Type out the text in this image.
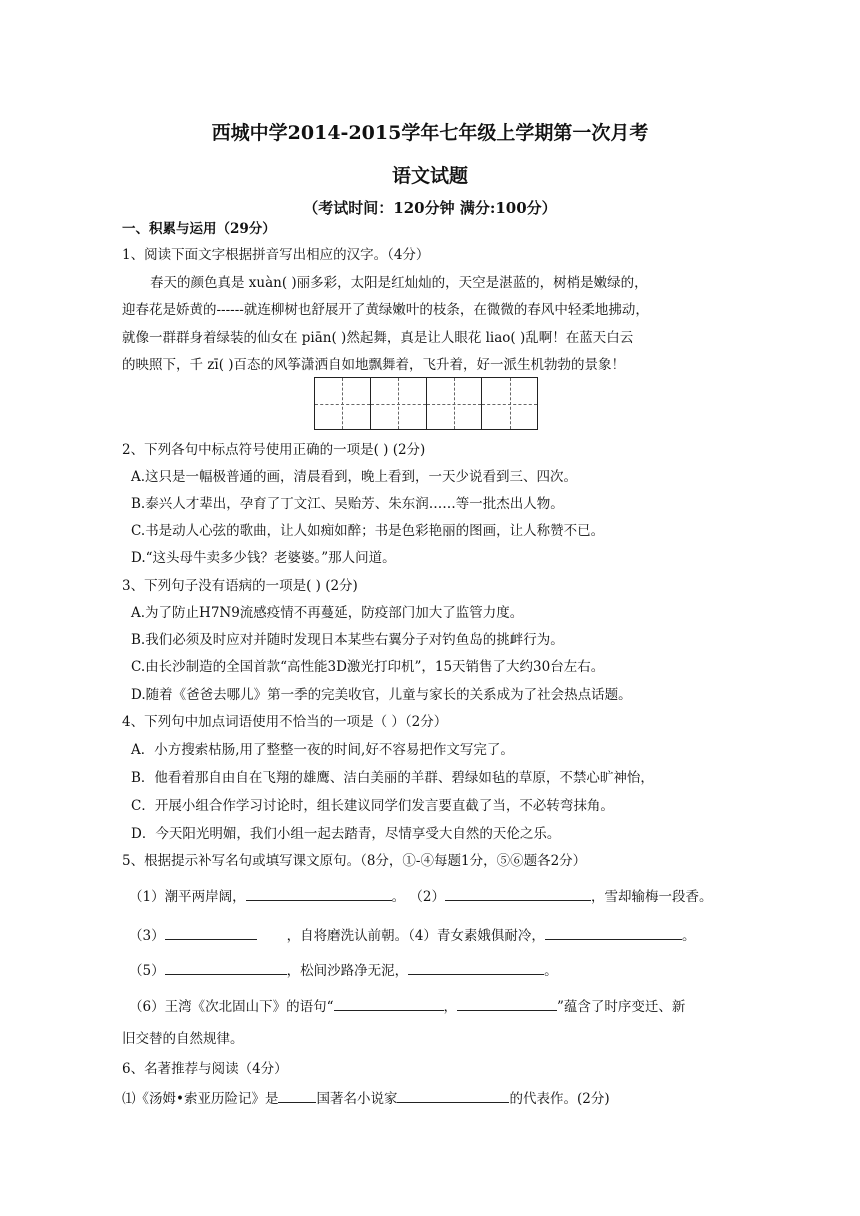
西城中学2014-2015学年七年级上学期第一次月考
语文试题
（考试时间：120分钟 满分:100分）
一、积累与运用（29分）
1、阅读下面文字根据拼音写出相应的汉字。（4分）
春天的颜色真是 xuàn( )丽多彩，太阳是红灿灿的，天空是湛蓝的，树梢是嫩绿的，
迎春花是娇黄的------就连柳树也舒展开了黄绿嫩叶的枝条，在微微的春风中轻柔地拂动，
就像一群群身着绿装的仙女在 piān( )然起舞，真是让人眼花 liao( )乱啊！在蓝天白云
的映照下，千 zī( )百态的风筝潇洒自如地飘舞着，飞升着，好一派生机勃勃的景象！
2、下列各句中标点符号使用正确的一项是( ) (2分)
A.这只是一幅极普通的画，清晨看到，晚上看到，一天少说看到三、四次。
B.泰兴人才辈出，孕育了丁文江、吴贻芳、朱东润……等一批杰出人物。
C.书是动人心弦的歌曲，让人如痴如醉；书是色彩艳丽的图画，让人称赞不已。
D.“这头母牛卖多少钱？老婆婆。”那人问道。
3、下列句子没有语病的一项是( ) (2分)
A.为了防止H7N9流感疫情不再蔓延，防疫部门加大了监管力度。
B.我们必须及时应对并随时发现日本某些右翼分子对钓鱼岛的挑衅行为。
C.由长沙制造的全国首款“高性能3D激光打印机”，15天销售了大约30台左右。
D.随着《爸爸去哪儿》第一季的完美收官，儿童与家长的关系成为了社会热点话题。
4、下列句中加点词语使用不恰当的一项是（ ）（2分）
A．小方搜索枯肠,用了整整一夜的时间,好不容易把作文写完了。
B．他看着那自由自在飞翔的雄鹰、洁白美丽的羊群、碧绿如毡的草原，不禁心旷神怡，
C．开展小组合作学习讨论时，组长建议同学们发言要直截了当，不必转弯抹角。
D．今天阳光明媚，我们小组一起去踏青，尽情享受大自然的天伦之乐。
5、根据提示补写名句或填写课文原句。（8分，①-④每题1分，⑤⑥题各2分）
（1）潮平两岸阔，	。 （2）	，雪却输梅一段香。
（3）	，自将磨洗认前朝。（4）青女素娥俱耐冷，	。
（5）	，松间沙路净无泥，	。
（6）王湾《次北固山下》的语句“	，	”蕴含了时序变迁、新
旧交替的自然规律。
6、名著推荐与阅读（4分）
⑴《汤姆•索亚历险记》是	国著名小说家	的代表作。(2分)
